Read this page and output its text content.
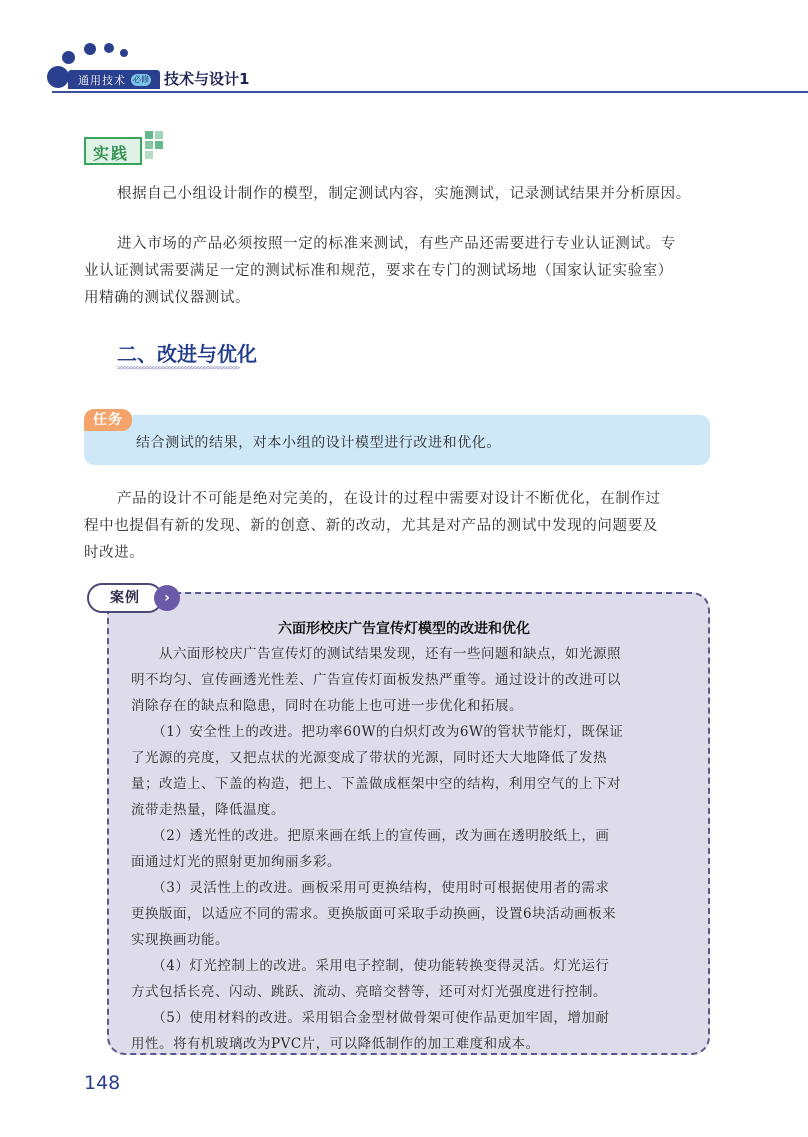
通用技术 必修 技术与设计1
实践
根据自己小组设计制作的模型，制定测试内容，实施测试，记录测试结果并分析原因。
进入市场的产品必须按照一定的标准来测试，有些产品还需要进行专业认证测试。专
业认证测试需要满足一定的测试标准和规范，要求在专门的测试场地（国家认证实验室）
用精确的测试仪器测试。
二、改进与优化
>>>>>>>>>>>>>>>>>>>>>>>>>>>>>>>>>>>>>>
任务
结合测试的结果，对本小组的设计模型进行改进和优化。
产品的设计不可能是绝对完美的，在设计的过程中需要对设计不断优化，在制作过
程中也提倡有新的发现、新的创意、新的改动，尤其是对产品的测试中发现的问题要及
时改进。
案例	›
六面形校庆广告宣传灯模型的改进和优化
　　从六面形校庆广告宣传灯的测试结果发现，还有一些问题和缺点，如光源照
明不均匀、宣传画透光性差、广告宣传灯面板发热严重等。通过设计的改进可以
消除存在的缺点和隐患，同时在功能上也可进一步优化和拓展。
　　（1）安全性上的改进。把功率60W的白炽灯改为6W的管状节能灯，既保证
了光源的亮度，又把点状的光源变成了带状的光源，同时还大大地降低了发热
量；改造上、下盖的构造，把上、下盖做成框架中空的结构，利用空气的上下对
流带走热量，降低温度。
　　（2）透光性的改进。把原来画在纸上的宣传画，改为画在透明胶纸上，画
面通过灯光的照射更加绚丽多彩。
　　（3）灵活性上的改进。画板采用可更换结构，使用时可根据使用者的需求
更换版面，以适应不同的需求。更换版面可采取手动换画，设置6块活动画板来
实现换画功能。
　　（4）灯光控制上的改进。采用电子控制，使功能转换变得灵活。灯光运行
方式包括长亮、闪动、跳跃、流动、亮暗交替等，还可对灯光强度进行控制。
　　（5）使用材料的改进。采用铝合金型材做骨架可使作品更加牢固，增加耐
用性。将有机玻璃改为PVC片，可以降低制作的加工难度和成本。
148
